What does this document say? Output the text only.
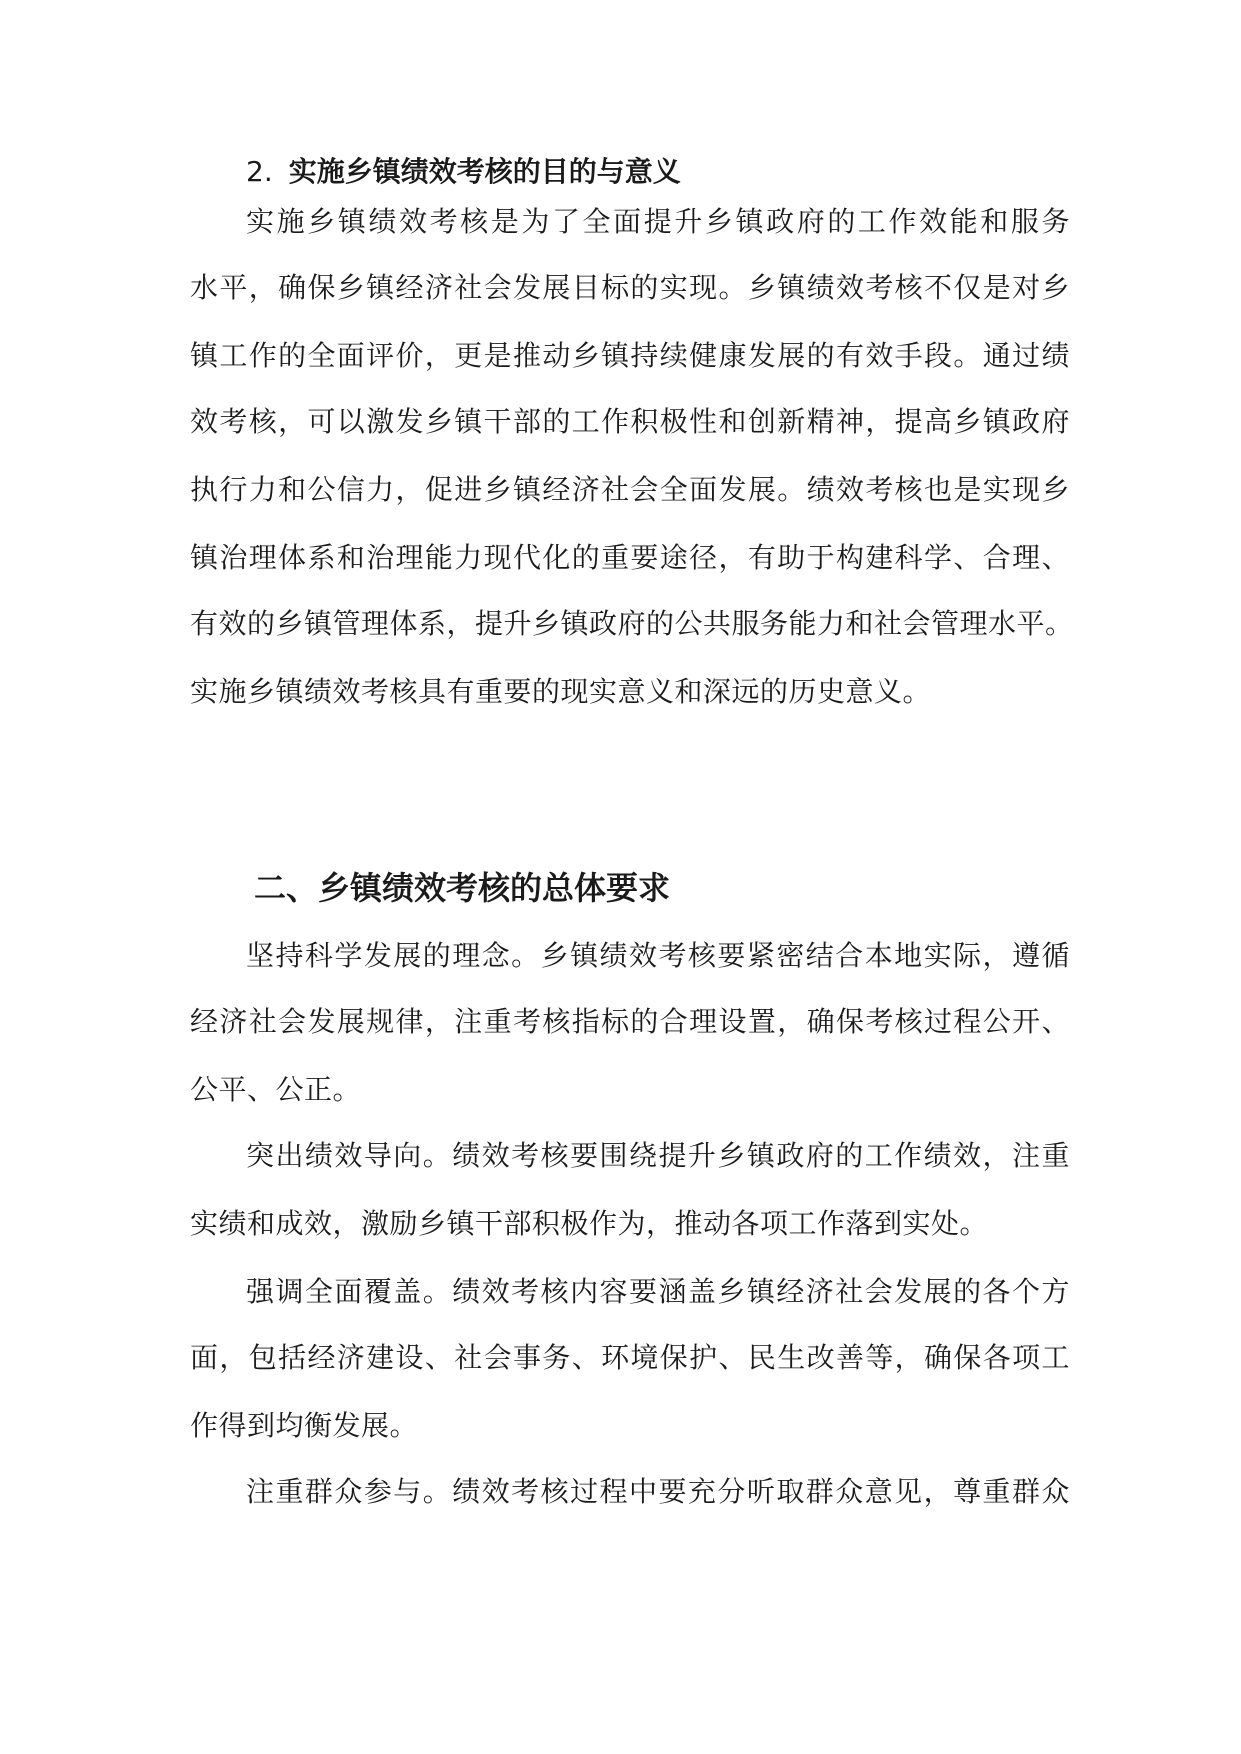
2. 实施乡镇绩效考核的目的与意义
实施乡镇绩效考核是为了全面提升乡镇政府的工作效能和服务
水平，确保乡镇经济社会发展目标的实现。乡镇绩效考核不仅是对乡
镇工作的全面评价，更是推动乡镇持续健康发展的有效手段。通过绩
效考核，可以激发乡镇干部的工作积极性和创新精神，提高乡镇政府
执行力和公信力，促进乡镇经济社会全面发展。绩效考核也是实现乡
镇治理体系和治理能力现代化的重要途径，有助于构建科学、合理、
有效的乡镇管理体系，提升乡镇政府的公共服务能力和社会管理水平。
实施乡镇绩效考核具有重要的现实意义和深远的历史意义。
二、乡镇绩效考核的总体要求
坚持科学发展的理念。乡镇绩效考核要紧密结合本地实际，遵循
经济社会发展规律，注重考核指标的合理设置，确保考核过程公开、
公平、公正。
突出绩效导向。绩效考核要围绕提升乡镇政府的工作绩效，注重
实绩和成效，激励乡镇干部积极作为，推动各项工作落到实处。
强调全面覆盖。绩效考核内容要涵盖乡镇经济社会发展的各个方
面，包括经济建设、社会事务、环境保护、民生改善等，确保各项工
作得到均衡发展。
注重群众参与。绩效考核过程中要充分听取群众意见，尊重群众
